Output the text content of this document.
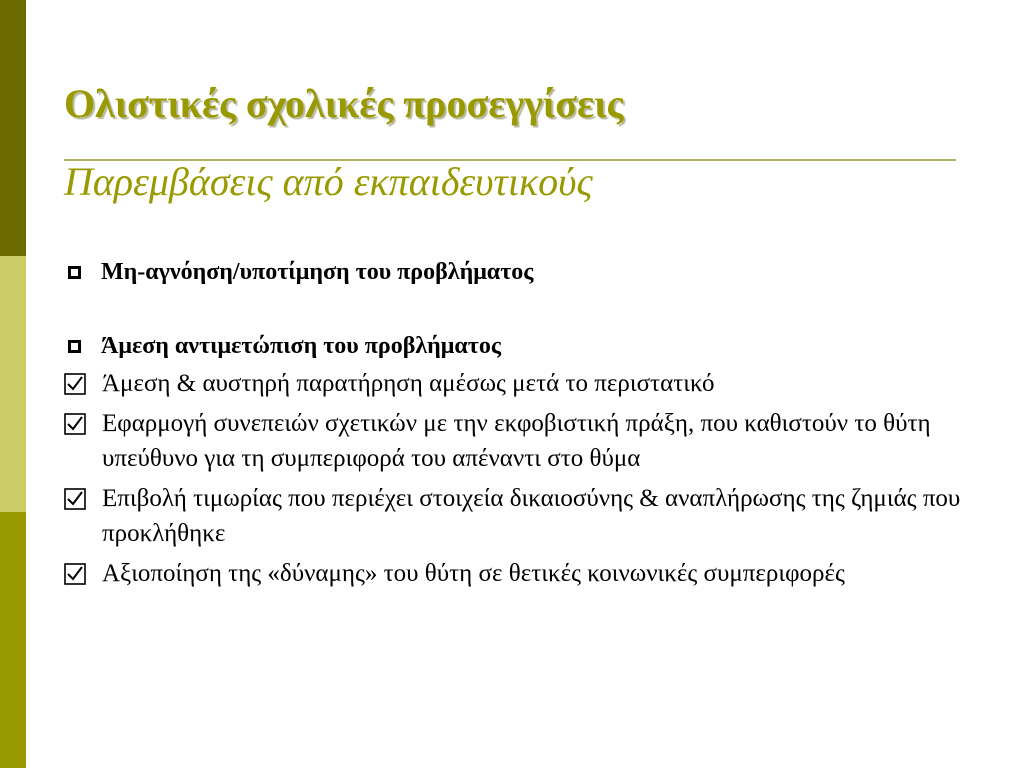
Ολιστικές σχολικές προσεγγίσεις
Παρεμβάσεις από εκπαιδευτικούς
Μη-αγνόηση/υποτίμηση του προβλήματος
Άμεση αντιμετώπιση του προβλήματος
Άμεση & αυστηρή παρατήρηση αμέσως μετά το περιστατικό
Εφαρμογή συνεπειών σχετικών με την εκφοβιστική πράξη, που καθιστούν το θύτη υπεύθυνο για τη συμπεριφορά του απέναντι στο θύμα
Επιβολή τιμωρίας που περιέχει στοιχεία δικαιοσύνης & αναπλήρωσης της ζημιάς που προκλήθηκε
Αξιοποίηση της «δύναμης» του θύτη σε θετικές κοινωνικές συμπεριφορές
